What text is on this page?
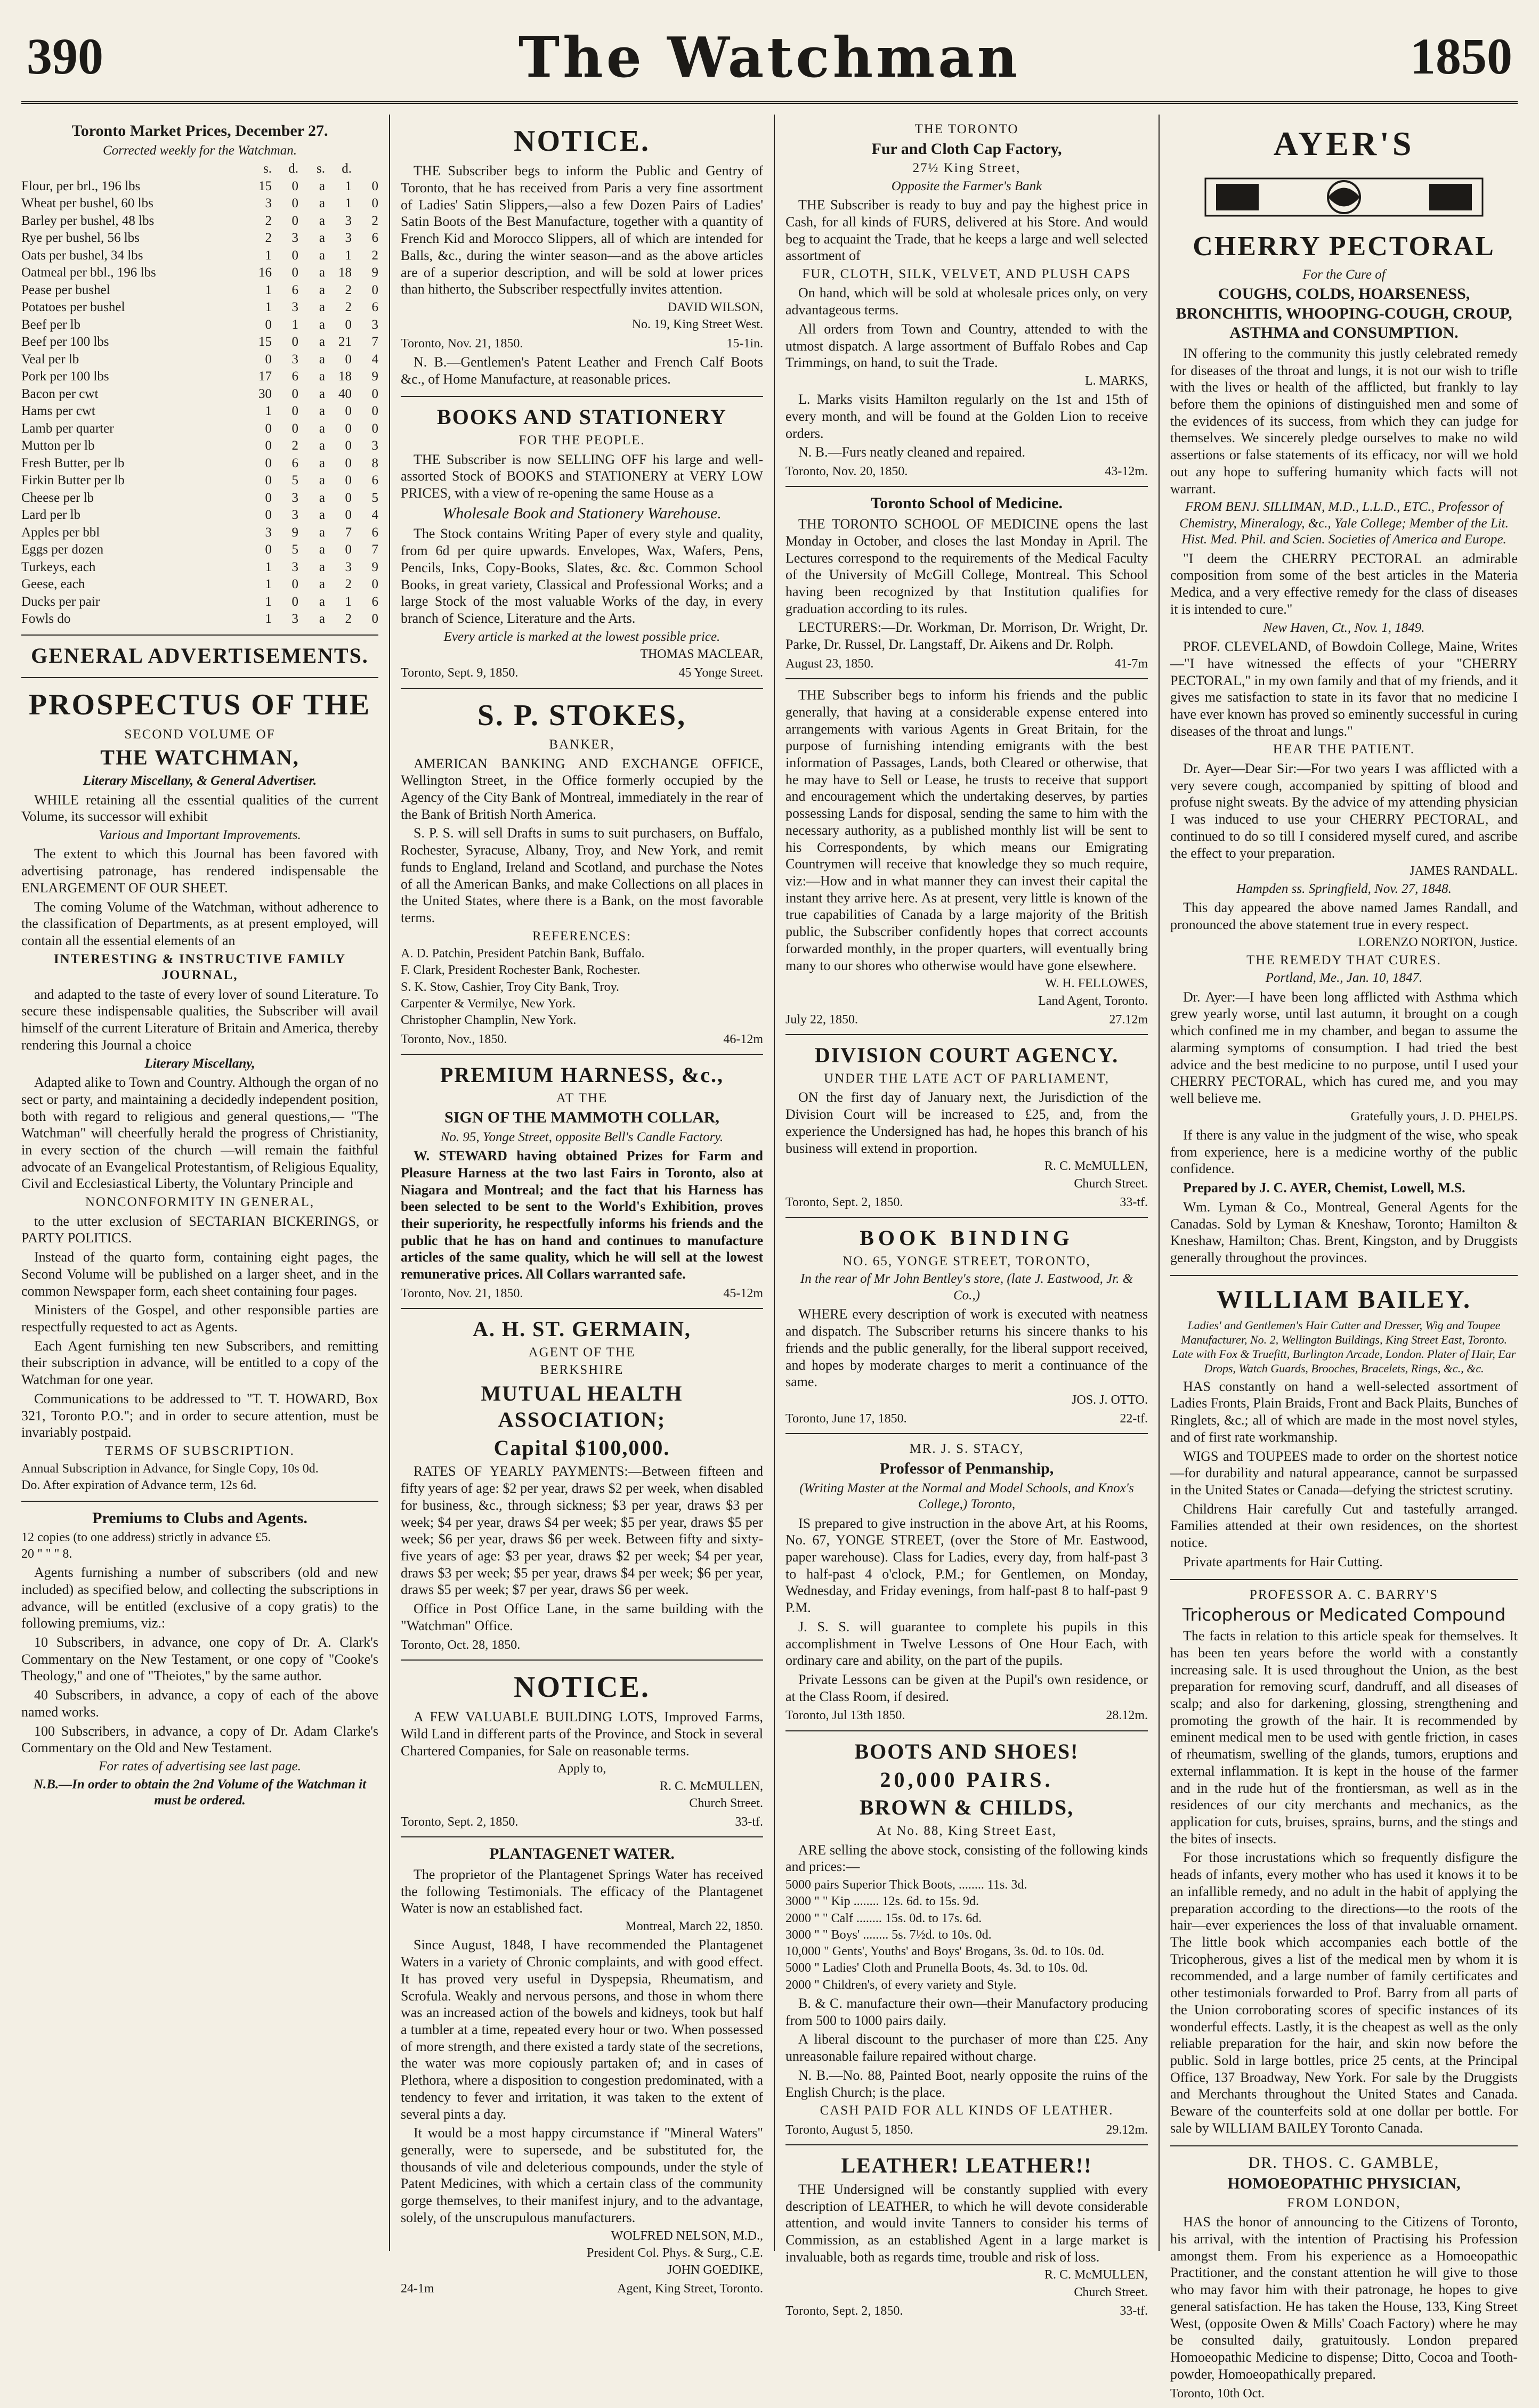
390	The Watchman	1850
Toronto Market Prices, December 27.
Corrected weekly for the Watchman.
	s.	d.	s.	d.	
Flour, per brl., 196 lbs	15	0	a	1	0
Wheat per bushel, 60 lbs	3	0	a	1	0
Barley per bushel, 48 lbs	2	0	a	3	2
Rye per bushel, 56 lbs	2	3	a	3	6
Oats per bushel, 34 lbs	1	0	a	1	2
Oatmeal per bbl., 196 lbs	16	0	a	18	9
Pease per bushel	1	6	a	2	0
Potatoes per bushel	1	3	a	2	6
Beef per lb	0	1	a	0	3
Beef per 100 lbs	15	0	a	21	7
Veal per lb	0	3	a	0	4
Pork per 100 lbs	17	6	a	18	9
Bacon per cwt	30	0	a	40	0
Hams per cwt	1	0	a	0	0
Lamb per quarter	0	0	a	0	0
Mutton per lb	0	2	a	0	3
Fresh Butter, per lb	0	6	a	0	8
Firkin Butter per lb	0	5	a	0	6
Cheese per lb	0	3	a	0	5
Lard per lb	0	3	a	0	4
Apples per bbl	3	9	a	7	6
Eggs per dozen	0	5	a	0	7
Turkeys, each	1	3	a	3	9
Geese, each	1	0	a	2	0
Ducks per pair	1	0	a	1	6
Fowls do	1	3	a	2	0
GENERAL ADVERTISEMENTS.
PROSPECTUS OF THE
SECOND VOLUME OF
THE WATCHMAN,
Literary Miscellany, & General Advertiser.
WHILE retaining all the essential qualities of the current Volume, its successor will exhibit
Various and Important Improvements.
The extent to which this Journal has been favored with advertising patronage, has rendered indispensable the ENLARGEMENT OF OUR SHEET.
The coming Volume of the Watchman, without adherence to the classification of Departments, as at present employed, will contain all the essential elements of an
INTERESTING & INSTRUCTIVE FAMILY JOURNAL,
and adapted to the taste of every lover of sound Literature. To secure these indispensable qualities, the Subscriber will avail himself of the current Literature of Britain and America, thereby rendering this Journal a choice
Literary Miscellany,
Adapted alike to Town and Country. Although the organ of no sect or party, and maintaining a decidedly independent position, both with regard to religious and general questions,— "The Watchman" will cheerfully herald the progress of Christianity, in every section of the church —will remain the faithful advocate of an Evangelical Protestantism, of Religious Equality, Civil and Ecclesiastical Liberty, the Voluntary Principle and
NONCONFORMITY IN GENERAL,
to the utter exclusion of SECTARIAN BICKERINGS, or PARTY POLITICS.
Instead of the quarto form, containing eight pages, the Second Volume will be published on a larger sheet, and in the common Newspaper form, each sheet containing four pages.
Ministers of the Gospel, and other responsible parties are respectfully requested to act as Agents.
Each Agent furnishing ten new Subscribers, and remitting their subscription in advance, will be entitled to a copy of the Watchman for one year.
Communications to be addressed to "T. T. HOWARD, Box 321, Toronto P.O."; and in order to secure attention, must be invariably postpaid.
TERMS OF SUBSCRIPTION.
Annual Subscription in Advance, for Single Copy, 10s 0d.
Do. After expiration of Advance term, 12s 6d.
Premiums to Clubs and Agents.
12 copies (to one address) strictly in advance £5.
20 " " " 8.
Agents furnishing a number of subscribers (old and new included) as specified below, and collecting the subscriptions in advance, will be entitled (exclusive of a copy gratis) to the following premiums, viz.:
10 Subscribers, in advance, one copy of Dr. A. Clark's Commentary on the New Testament, or one copy of "Cooke's Theology," and one of "Theiotes," by the same author.
40 Subscribers, in advance, a copy of each of the above named works.
100 Subscribers, in advance, a copy of Dr. Adam Clarke's Commentary on the Old and New Testament.
For rates of advertising see last page.
N.B.—In order to obtain the 2nd Volume of the Watchman it must be ordered.
NOTICE.
THE Subscriber begs to inform the Public and Gentry of Toronto, that he has received from Paris a very fine assortment of Ladies' Satin Slippers,—also a few Dozen Pairs of Ladies' Satin Boots of the Best Manufacture, together with a quantity of French Kid and Morocco Slippers, all of which are intended for Balls, &c., during the winter season—and as the above articles are of a superior description, and will be sold at lower prices than hitherto, the Subscriber respectfully invites attention.
DAVID WILSON,
No. 19, King Street West.
Toronto, Nov. 21, 1850.	15-1in.
N. B.—Gentlemen's Patent Leather and French Calf Boots &c., of Home Manufacture, at reasonable prices.
BOOKS AND STATIONERY
FOR THE PEOPLE.
THE Subscriber is now SELLING OFF his large and well-assorted Stock of BOOKS and STATIONERY at VERY LOW PRICES, with a view of re-opening the same House as a
Wholesale Book and Stationery Warehouse.
The Stock contains Writing Paper of every style and quality, from 6d per quire upwards. Envelopes, Wax, Wafers, Pens, Pencils, Inks, Copy-Books, Slates, &c. &c. Common School Books, in great variety, Classical and Professional Works; and a large Stock of the most valuable Works of the day, in every branch of Science, Literature and the Arts.
Every article is marked at the lowest possible price.
THOMAS MACLEAR,
Toronto, Sept. 9, 1850.	45 Yonge Street.
S. P. STOKES,
BANKER,
AMERICAN BANKING AND EXCHANGE OFFICE, Wellington Street, in the Office formerly occupied by the Agency of the City Bank of Montreal, immediately in the rear of the Bank of British North America.
S. P. S. will sell Drafts in sums to suit purchasers, on Buffalo, Rochester, Syracuse, Albany, Troy, and New York, and remit funds to England, Ireland and Scotland, and purchase the Notes of all the American Banks, and make Collections on all places in the United States, where there is a Bank, on the most favorable terms.
REFERENCES:
A. D. Patchin, President Patchin Bank, Buffalo.
F. Clark, President Rochester Bank, Rochester.
S. K. Stow, Cashier, Troy City Bank, Troy.
Carpenter & Vermilye, New York.
Christopher Champlin, New York.
Toronto, Nov., 1850.	46-12m
PREMIUM HARNESS, &c.,
AT THE
SIGN OF THE MAMMOTH COLLAR,
No. 95, Yonge Street, opposite Bell's Candle Factory.
W. STEWARD having obtained Prizes for Farm and Pleasure Harness at the two last Fairs in Toronto, also at Niagara and Montreal; and the fact that his Harness has been selected to be sent to the World's Exhibition, proves their superiority, he respectfully informs his friends and the public that he has on hand and continues to manufacture articles of the same quality, which he will sell at the lowest remunerative prices. All Collars warranted safe.
Toronto, Nov. 21, 1850.	45-12m
A. H. ST. GERMAIN,
AGENT OF THE
BERKSHIRE
MUTUAL HEALTH ASSOCIATION;
Capital $100,000.
RATES OF YEARLY PAYMENTS:—Between fifteen and fifty years of age: $2 per year, draws $2 per week, when disabled for business, &c., through sickness; $3 per year, draws $3 per week; $4 per year, draws $4 per week; $5 per year, draws $5 per week; $6 per year, draws $6 per week. Between fifty and sixty-five years of age: $3 per year, draws $2 per week; $4 per year, draws $3 per week; $5 per year, draws $4 per week; $6 per year, draws $5 per week; $7 per year, draws $6 per week.
Office in Post Office Lane, in the same building with the "Watchman" Office.
Toronto, Oct. 28, 1850.
NOTICE.
A FEW VALUABLE BUILDING LOTS, Improved Farms, Wild Land in different parts of the Province, and Stock in several Chartered Companies, for Sale on reasonable terms.
Apply to,
R. C. McMULLEN,
Church Street.
Toronto, Sept. 2, 1850.	33-tf.
PLANTAGENET WATER.
The proprietor of the Plantagenet Springs Water has received the following Testimonials. The efficacy of the Plantagenet Water is now an established fact.
Montreal, March 22, 1850.
Since August, 1848, I have recommended the Plantagenet Waters in a variety of Chronic complaints, and with good effect. It has proved very useful in Dyspepsia, Rheumatism, and Scrofula. Weakly and nervous persons, and those in whom there was an increased action of the bowels and kidneys, took but half a tumbler at a time, repeated every hour or two. When possessed of more strength, and there existed a tardy state of the secretions, the water was more copiously partaken of; and in cases of Plethora, where a disposition to congestion predominated, with a tendency to fever and irritation, it was taken to the extent of several pints a day.
It would be a most happy circumstance if "Mineral Waters" generally, were to supersede, and be substituted for, the thousands of vile and deleterious compounds, under the style of Patent Medicines, with which a certain class of the community gorge themselves, to their manifest injury, and to the advantage, solely, of the unscrupulous manufacturers.
WOLFRED NELSON, M.D.,
President Col. Phys. & Surg., C.E.
JOHN GOEDIKE,
24-1m	Agent, King Street, Toronto.
THE TORONTO
Fur and Cloth Cap Factory,
27½ King Street,
Opposite the Farmer's Bank
THE Subscriber is ready to buy and pay the highest price in Cash, for all kinds of FURS, delivered at his Store. And would beg to acquaint the Trade, that he keeps a large and well selected assortment of
FUR, CLOTH, SILK, VELVET, AND PLUSH CAPS
On hand, which will be sold at wholesale prices only, on very advantageous terms.
All orders from Town and Country, attended to with the utmost dispatch. A large assortment of Buffalo Robes and Cap Trimmings, on hand, to suit the Trade.
L. MARKS,
L. Marks visits Hamilton regularly on the 1st and 15th of every month, and will be found at the Golden Lion to receive orders.
N. B.—Furs neatly cleaned and repaired.
Toronto, Nov. 20, 1850.	43-12m.
Toronto School of Medicine.
THE TORONTO SCHOOL OF MEDICINE opens the last Monday in October, and closes the last Monday in April. The Lectures correspond to the requirements of the Medical Faculty of the University of McGill College, Montreal. This School having been recognized by that Institution qualifies for graduation according to its rules.
LECTURERS:—Dr. Workman, Dr. Morrison, Dr. Wright, Dr. Parke, Dr. Russel, Dr. Langstaff, Dr. Aikens and Dr. Rolph.
August 23, 1850.	41-7m
THE Subscriber begs to inform his friends and the public generally, that having at a considerable expense entered into arrangements with various Agents in Great Britain, for the purpose of furnishing intending emigrants with the best information of Passages, Lands, both Cleared or otherwise, that he may have to Sell or Lease, he trusts to receive that support and encouragement which the undertaking deserves, by parties possessing Lands for disposal, sending the same to him with the necessary authority, as a published monthly list will be sent to his Correspondents, by which means our Emigrating Countrymen will receive that knowledge they so much require, viz:—How and in what manner they can invest their capital the instant they arrive here. As at present, very little is known of the true capabilities of Canada by a large majority of the British public, the Subscriber confidently hopes that correct accounts forwarded monthly, in the proper quarters, will eventually bring many to our shores who otherwise would have gone elsewhere.
W. H. FELLOWES,
Land Agent, Toronto.
July 22, 1850.	27.12m
DIVISION COURT AGENCY.
UNDER THE LATE ACT OF PARLIAMENT,
ON the first day of January next, the Jurisdiction of the Division Court will be increased to £25, and, from the experience the Undersigned has had, he hopes this branch of his business will extend in proportion.
R. C. McMULLEN,
Church Street.
Toronto, Sept. 2, 1850.	33-tf.
BOOK BINDING
NO. 65, YONGE STREET, TORONTO,
In the rear of Mr John Bentley's store, (late J. Eastwood, Jr. & Co.,)
WHERE every description of work is executed with neatness and dispatch. The Subscriber returns his sincere thanks to his friends and the public generally, for the liberal support received, and hopes by moderate charges to merit a continuance of the same.
JOS. J. OTTO.
Toronto, June 17, 1850.	22-tf.
MR. J. S. STACY,
Professor of Penmanship,
(Writing Master at the Normal and Model Schools, and Knox's College,) Toronto,
IS prepared to give instruction in the above Art, at his Rooms, No. 67, YONGE STREET, (over the Store of Mr. Eastwood, paper warehouse). Class for Ladies, every day, from half-past 3 to half-past 4 o'clock, P.M.; for Gentlemen, on Monday, Wednesday, and Friday evenings, from half-past 8 to half-past 9 P.M.
J. S. S. will guarantee to complete his pupils in this accomplishment in Twelve Lessons of One Hour Each, with ordinary care and ability, on the part of the pupils.
Private Lessons can be given at the Pupil's own residence, or at the Class Room, if desired.
Toronto, Jul 13th 1850.	28.12m.
BOOTS AND SHOES!
20,000 PAIRS.
BROWN & CHILDS,
At No. 88, King Street East,
ARE selling the above stock, consisting of the following kinds and prices:—
5000 pairs Superior Thick Boots, ........ 11s. 3d.
3000 " " Kip ........ 12s. 6d. to 15s. 9d.
2000 " " Calf ........ 15s. 0d. to 17s. 6d.
3000 " " Boys' ........ 5s. 7½d. to 10s. 0d.
10,000 " Gents', Youths' and Boys' Brogans, 3s. 0d. to 10s. 0d.
5000 " Ladies' Cloth and Prunella Boots, 4s. 3d. to 10s. 0d.
2000 " Children's, of every variety and Style.
B. & C. manufacture their own—their Manufactory producing from 500 to 1000 pairs daily.
A liberal discount to the purchaser of more than £25. Any unreasonable failure repaired without charge.
N. B.—No. 88, Painted Boot, nearly opposite the ruins of the English Church; is the place.
CASH PAID FOR ALL KINDS OF LEATHER.
Toronto, August 5, 1850.	29.12m.
LEATHER! LEATHER!!
THE Undersigned will be constantly supplied with every description of LEATHER, to which he will devote considerable attention, and would invite Tanners to consider his terms of Commission, as an established Agent in a large market is invaluable, both as regards time, trouble and risk of loss.
R. C. McMULLEN,
Church Street.
Toronto, Sept. 2, 1850.	33-tf.
AYER'S
CHERRY PECTORAL
For the Cure of
COUGHS, COLDS, HOARSENESS, BRONCHITIS, WHOOPING-COUGH, CROUP, ASTHMA and CONSUMPTION.
IN offering to the community this justly celebrated remedy for diseases of the throat and lungs, it is not our wish to trifle with the lives or health of the afflicted, but frankly to lay before them the opinions of distinguished men and some of the evidences of its success, from which they can judge for themselves. We sincerely pledge ourselves to make no wild assertions or false statements of its efficacy, nor will we hold out any hope to suffering humanity which facts will not warrant.
FROM BENJ. SILLIMAN, M.D., L.L.D., ETC., Professor of Chemistry, Mineralogy, &c., Yale College; Member of the Lit. Hist. Med. Phil. and Scien. Societies of America and Europe.
"I deem the CHERRY PECTORAL an admirable composition from some of the best articles in the Materia Medica, and a very effective remedy for the class of diseases it is intended to cure."
New Haven, Ct., Nov. 1, 1849.
PROF. CLEVELAND, of Bowdoin College, Maine, Writes—"I have witnessed the effects of your "CHERRY PECTORAL," in my own family and that of my friends, and it gives me satisfaction to state in its favor that no medicine I have ever known has proved so eminently successful in curing diseases of the throat and lungs."
HEAR THE PATIENT.
Dr. Ayer—Dear Sir:—For two years I was afflicted with a very severe cough, accompanied by spitting of blood and profuse night sweats. By the advice of my attending physician I was induced to use your CHERRY PECTORAL, and continued to do so till I considered myself cured, and ascribe the effect to your preparation.
JAMES RANDALL.
Hampden ss. Springfield, Nov. 27, 1848.
This day appeared the above named James Randall, and pronounced the above statement true in every respect.
LORENZO NORTON, Justice.
THE REMEDY THAT CURES.
Portland, Me., Jan. 10, 1847.
Dr. Ayer:—I have been long afflicted with Asthma which grew yearly worse, until last autumn, it brought on a cough which confined me in my chamber, and began to assume the alarming symptoms of consumption. I had tried the best advice and the best medicine to no purpose, until I used your CHERRY PECTORAL, which has cured me, and you may well believe me.
Gratefully yours, J. D. PHELPS.
If there is any value in the judgment of the wise, who speak from experience, here is a medicine worthy of the public confidence.
Prepared by J. C. AYER, Chemist, Lowell, M.S.
Wm. Lyman & Co., Montreal, General Agents for the Canadas. Sold by Lyman & Kneshaw, Toronto; Hamilton & Kneshaw, Hamilton; Chas. Brent, Kingston, and by Druggists generally throughout the provinces.
WILLIAM BAILEY.
Ladies' and Gentlemen's Hair Cutter and Dresser, Wig and Toupee Manufacturer, No. 2, Wellington Buildings, King Street East, Toronto. Late with Fox & Truefitt, Burlington Arcade, London. Plater of Hair, Ear Drops, Watch Guards, Brooches, Bracelets, Rings, &c., &c.
HAS constantly on hand a well-selected assortment of Ladies Fronts, Plain Braids, Front and Back Plaits, Bunches of Ringlets, &c.; all of which are made in the most novel styles, and of first rate workmanship.
WIGS and TOUPEES made to order on the shortest notice—for durability and natural appearance, cannot be surpassed in the United States or Canada—defying the strictest scrutiny.
Childrens Hair carefully Cut and tastefully arranged. Families attended at their own residences, on the shortest notice.
Private apartments for Hair Cutting.
PROFESSOR A. C. BARRY'S
Tricopherous or Medicated Compound
The facts in relation to this article speak for themselves. It has been ten years before the world with a constantly increasing sale. It is used throughout the Union, as the best preparation for removing scurf, dandruff, and all diseases of scalp; and also for darkening, glossing, strengthening and promoting the growth of the hair. It is recommended by eminent medical men to be used with gentle friction, in cases of rheumatism, swelling of the glands, tumors, eruptions and external inflammation. It is kept in the house of the farmer and in the rude hut of the frontiersman, as well as in the residences of our city merchants and mechanics, as the application for cuts, bruises, sprains, burns, and the stings and the bites of insects.
For those incrustations which so frequently disfigure the heads of infants, every mother who has used it knows it to be an infallible remedy, and no adult in the habit of applying the preparation according to the directions—to the roots of the hair—ever experiences the loss of that invaluable ornament. The little book which accompanies each bottle of the Tricopherous, gives a list of the medical men by whom it is recommended, and a large number of family certificates and other testimonials forwarded to Prof. Barry from all parts of the Union corroborating scores of specific instances of its wonderful effects. Lastly, it is the cheapest as well as the only reliable preparation for the hair, and skin now before the public. Sold in large bottles, price 25 cents, at the Principal Office, 137 Broadway, New York. For sale by the Druggists and Merchants throughout the United States and Canada. Beware of the counterfeits sold at one dollar per bottle. For sale by WILLIAM BAILEY Toronto Canada.
DR. THOS. C. GAMBLE,
HOMOEOPATHIC PHYSICIAN,
FROM LONDON,
HAS the honor of announcing to the Citizens of Toronto, his arrival, with the intention of Practising his Profession amongst them. From his experience as a Homoeopathic Practitioner, and the constant attention he will give to those who may favor him with their patronage, he hopes to give general satisfaction. He has taken the House, 133, King Street West, (opposite Owen & Mills' Coach Factory) where he may be consulted daily, gratuitously. London prepared Homoeopathic Medicine to dispense; Ditto, Cocoa and Tooth-powder, Homoeopathically prepared.
Toronto, 10th Oct.
